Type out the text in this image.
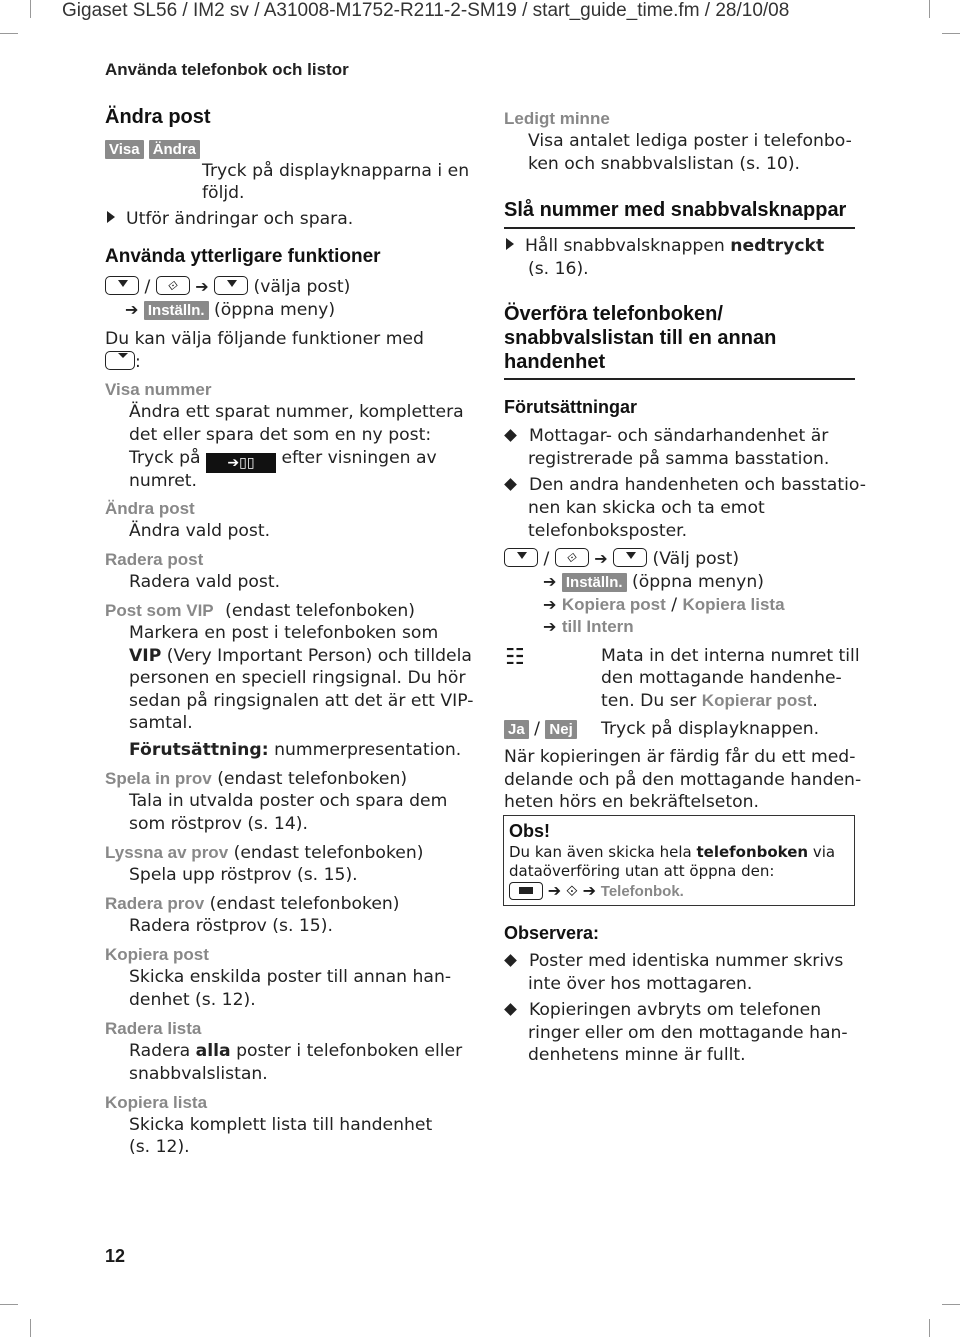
Gigaset SL56 / IM2 sv / A31008-M1752-R211-2-SM19 / start_guide_time.fm / 28/10/08
Använda telefonbok och listor
Ändra post
Visa Ändra
Tryck på displayknapparna i en
följd.
Utför ändringar och spara.
Använda ytterligare funktioner
/ ⟐ ➔	(välja post)
➔ Inställn. (öppna meny)
Du kan välja följande funktioner med
:
Visa nummer
Ändra ett sparat nummer, komplettera
det eller spara det som en ny post:
Tryck på ➔▯▯ efter visningen av
numret.
Ändra post
Ändra vald post.
Radera post
Radera vald post.
Post som VIP (endast telefonboken)
Markera en post i telefonboken som
VIP (Very Important Person) och tilldela
personen en speciell ringsignal. Du hör
sedan på ringsignalen att det är ett VIP-
samtal.
Förutsättning: nummerpresentation.
Spela in prov (endast telefonboken)
Tala in utvalda poster och spara dem
som röstprov (s. 14).
Lyssna av prov (endast telefonboken)
Spela upp röstprov (s. 15).
Radera prov (endast telefonboken)
Radera röstprov (s. 15).
Kopiera post
Skicka enskilda poster till annan han-
denhet (s. 12).
Radera lista
Radera alla poster i telefonboken eller
snabbvalslistan.
Kopiera lista
Skicka komplett lista till handenhet
(s. 12).
Ledigt minne
Visa antalet lediga poster i telefonbo-
ken och snabbvalslistan (s. 10).
Slå nummer med snabbvalsknappar
Håll snabbvalsknappen nedtryckt
(s. 16).
Överföra telefonboken/
snabbvalslistan till en annan
handenhet
Förutsättningar
Mottagar- och sändarhandenhet är
registrerade på samma basstation.
Den andra handenheten och basstatio-
nen kan skicka och ta emot
telefonboksposter.
/ ⟐ ➔	(Välj post)
➔ Inställn. (öppna menyn)
➔ Kopiera post / Kopiera lista
➔ till Intern
☷	Mata in det interna numret till
den mottagande handenhe-
ten. Du ser Kopierar post.
Ja / Nej Tryck på displayknappen.
När kopieringen är färdig får du ett med-
delande och på den mottagande handen-
heten hörs en bekräftelseton.
Obs!
Du kan även skicka hela telefonboken via
dataöverföring utan att öppna den:
➔ ⟐ ➔ Telefonbok.
Observera:
Poster med identiska nummer skrivs
inte över hos mottagaren.
Kopieringen avbryts om telefonen
ringer eller om den mottagande han-
denhetens minne är fullt.
12
